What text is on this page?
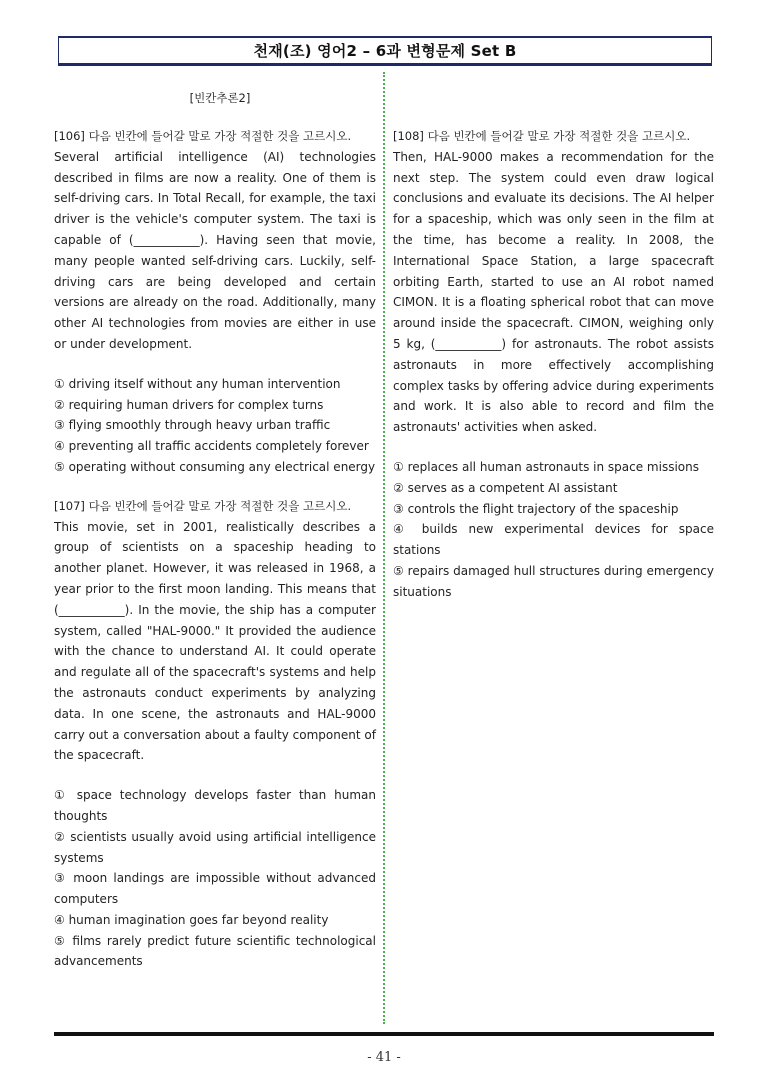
천재(조) 영어2 – 6과 변형문제 Set B
[빈칸추론2]
[106] 다음 빈칸에 들어갈 말로 가장 적절한 것을 고르시오.
Several artificial intelligence (AI) technologies described in films are now a reality. One of them is self-driving cars. In Total Recall, for example, the taxi driver is the vehicle's computer system. The taxi is capable of (___________). Having seen that movie, many people wanted self-driving cars. Luckily, self-driving cars are being developed and certain versions are already on the road. Additionally, many other AI technologies from movies are either in use or under development.
① driving itself without any human intervention
② requiring human drivers for complex turns
③ flying smoothly through heavy urban traffic
④ preventing all traffic accidents completely forever
⑤ operating without consuming any electrical energy
[107] 다음 빈칸에 들어갈 말로 가장 적절한 것을 고르시오.
This movie, set in 2001, realistically describes a group of scientists on a spaceship heading to another planet. However, it was released in 1968, a year prior to the first moon landing. This means that (___________). In the movie, the ship has a computer system, called "HAL-9000." It provided the audience with the chance to understand AI. It could operate and regulate all of the spacecraft's systems and help the astronauts conduct experiments by analyzing data. In one scene, the astronauts and HAL-9000 carry out a conversation about a faulty component of the spacecraft.
① space technology develops faster than human thoughts
② scientists usually avoid using artificial intelligence systems
③ moon landings are impossible without advanced computers
④ human imagination goes far beyond reality
⑤ films rarely predict future scientific technological advancements
[108] 다음 빈칸에 들어갈 말로 가장 적절한 것을 고르시오.
Then, HAL-9000 makes a recommendation for the next step. The system could even draw logical conclusions and evaluate its decisions. The AI helper for a spaceship, which was only seen in the film at the time, has become a reality. In 2008, the International Space Station, a large spacecraft orbiting Earth, started to use an AI robot named CIMON. It is a floating spherical robot that can move around inside the spacecraft. CIMON, weighing only 5 kg, (___________) for astronauts. The robot assists astronauts in more effectively accomplishing complex tasks by offering advice during experiments and work. It is also able to record and film the astronauts' activities when asked.
① replaces all human astronauts in space missions
② serves as a competent AI assistant
③ controls the flight trajectory of the spaceship
④ builds new experimental devices for space stations
⑤ repairs damaged hull structures during emergency situations
- 41 -
